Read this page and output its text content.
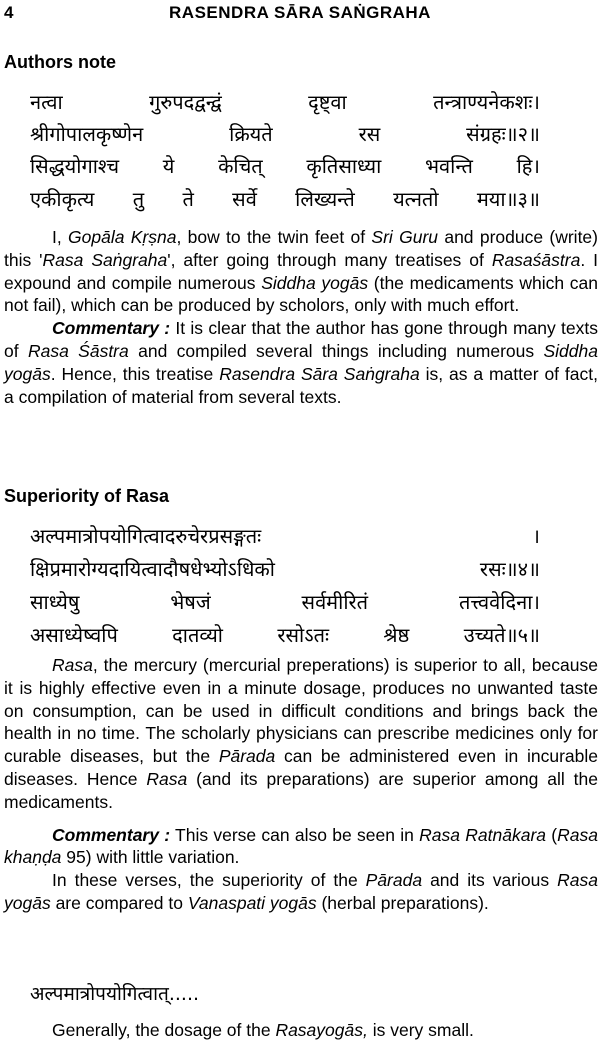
4	RASENDRA SĀRA SAṄGRAHA
Authors note
नत्वा	गुरुपदद्वन्द्वं	दृष्ट्वा	तन्त्राण्यनेकशः।
श्रीगोपालकृष्णेन	क्रियते	रस	संग्रहः॥२॥
सिद्धयोगाश्च ये केचित् कृतिसाध्या भवन्ति हि।
एकीकृत्य तु ते सर्वे लिख्यन्ते यत्नतो मया॥३॥

I, Gopāla Kṛṣna, bow to the twin feet of Sri Guru and produce (write) this 'Rasa Saṅgraha', after going through many treatises of Rasaśāstra. I expound and compile numerous Siddha yogās (the medicaments which can not fail), which can be produced by scholors, only with much effort.

Commentary : It is clear that the author has gone through many texts of Rasa Śāstra and compiled several things including numerous Siddha yogās. Hence, this treatise Rasendra Sāra Saṅgraha is, as a matter of fact, a compilation of material from several texts.

Superiority of Rasa
अल्पमात्रोपयोगित्वादरुचेरप्रसङ्गतः	।
क्षिप्रमारोग्यदायित्वादौषधेभ्योऽधिको	रसः॥४॥
साध्येषु	भेषजं	सर्वमीरितं	तत्त्ववेदिना।
असाध्येष्वपि	दातव्यो	रसोऽतः	श्रेष्ठ	उच्यते॥५॥

Rasa, the mercury (mercurial preperations) is superior to all, because it is highly effective even in a minute dosage, produces no unwanted taste on consumption, can be used in difficult conditions and brings back the health in no time. The scholarly physicians can prescribe medicines only for curable diseases, but the Pārada can be administered even in incurable diseases. Hence Rasa (and its preparations) are superior among all the medicaments.

Commentary : This verse can also be seen in Rasa Ratnākara (Rasa khaṇḍa 95) with little variation.

In these verses, the superiority of the Pārada and its various Rasa yogās are compared to Vanaspati yogās (herbal preparations).

अल्पमात्रोपयोगित्वात्.....
Generally, the dosage of the Rasayogās, is very small.
